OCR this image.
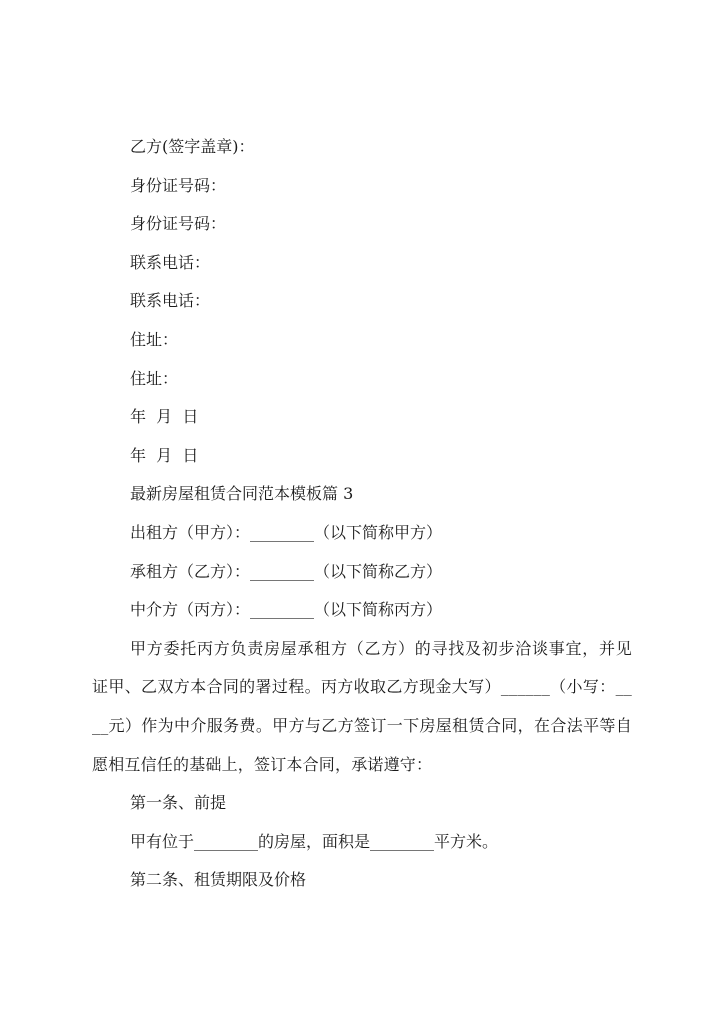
乙方(签字盖章)：
身份证号码：
身份证号码：
联系电话：
联系电话：
住址：
住址：
年  月  日
年  月  日
最新房屋租赁合同范本模板篇 3
出租方（甲方）：________（以下简称甲方）
承租方（乙方）：________（以下简称乙方）
中介方（丙方）：________（以下简称丙方）
甲方委托丙方负责房屋承租方（乙方）的寻找及初步洽谈事宜，并见证甲、乙双方本合同的署过程。丙方收取乙方现金大写）______（小写：____元）作为中介服务费。甲方与乙方签订一下房屋租赁合同，在合法平等自愿相互信任的基础上，签订本合同，承诺遵守：
第一条、前提
甲有位于________的房屋，面积是________平方米。
第二条、租赁期限及价格
